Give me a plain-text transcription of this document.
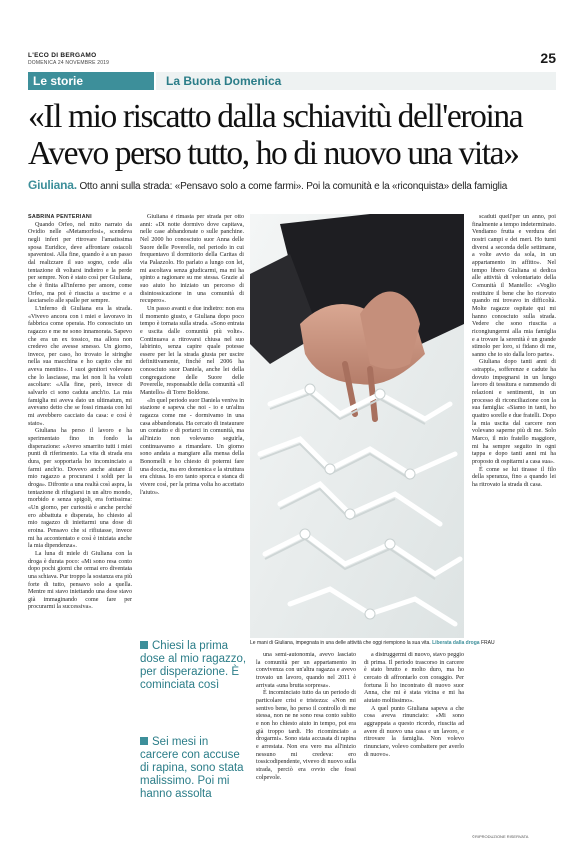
L'ECO DI BERGAMO
DOMENICA 24 NOVEMBRE 2019	25
Le storie	La Buona Domenica
«Il mio riscatto dalla schiavitù dell'eroina
Avevo perso tutto, ho di nuovo una vita»
Giuliana. Otto anni sulla strada: «Pensavo solo a come farmi». Poi la comunità e la «riconquista» della famiglia

SABRINA PENTERIANI

Quando Orfeo, nel mito narrato da Ovidio nelle «Metamorfosi», scendeva negli inferi per ritrovare l'amatissima sposa Euridice, deve affrontare ostacoli spaventosi. Alla fine, quando è a un passo dal realizzare il suo sogno, cede alla tentazione di voltarsi indietro e la perde per sempre. Non è stato così per Giuliana, che è finita all'inferno per amore, come Orfeo, ma poi è riuscita a uscirne e a lasciarselo alle spalle per sempre.

L'inferno di Giuliana era la strada. «Vivevo ancora con i miei e lavoravo in fabbrica come operaia. Ho conosciuto un ragazzo e me ne sono innamorata. Sapevo che era un ex tossico, ma allora non credevo che avesse smesso. Un giorno, invece, per caso, ho trovato le siringhe nella sua macchina e ho capito che mi aveva mentito». I suoi genitori volevano che lo lasciasse, ma lei non li ha voluti ascoltare: «Alla fine, però, invece di salvarlo ci sono caduta anch'io. La mia famiglia mi aveva dato un ultimatum, mi avevano detto che se fossi rimasta con lui mi avrebbero cacciato da casa: e così è stato».

Giuliana ha perso il lavoro e ha sperimentato fino in fondo la disperazione: «Avevo smarrito tutti i miei punti di riferimento. La vita di strada era dura, per sopportarla ho incominciato a farmi anch'io. Dovevo anche aiutare il mio ragazzo a procurarsi i soldi per la droga». Difronte a una realtà così aspra, la tentazione di rifugiarsi in un altro mondo, morbido e senza spigoli, era fortissima: «Un giorno, per curiosità e anche perché ero abbattuta e disperata, ho chiesto al mio ragazzo di iniettarmi una dose di eroina. Pensavo che si rifiutasse, invece mi ha accontentato e così è iniziata anche la mia dipendenza».

La luna di miele di Giuliana con la droga è durata poco: «Mi sono resa conto dopo pochi giorni che ormai ero diventata una schiava. Pur troppo la sostanza era più forte di tutto, pensavo solo a quella. Mentre mi stavo iniettando una dose stavo già immaginando come fare per procurarmi la successiva».

Giuliana è rimasta per strada per otto anni: «Di notte dormivo dove capitava, nelle case abbandonate o sulle panchine. Nel 2000 ho conosciuto suor Anna delle Suore delle Poverelle, nel periodo in cui frequentavo il dormitorio della Caritas di via Palazzolo. Ho parlato a lungo con lei, mi ascoltava senza giudicarmi, ma mi ha spinto a ragionare su me stessa. Grazie al suo aiuto ho iniziato un percorso di disintossicazione in una comunità di recupero».

Un passo avanti e due indietro: non era il momento giusto, e Giuliana dopo poco tempo è tornata sulla strada. «Sono entrata e uscita dalle comunità più volte». Continuava a ritrovarsi chiusa nel suo labirinto, senza capire quale potesse essere per lei la strada giusta per uscire definitivamente, finché nel 2006 ha conosciuto suor Daniela, anche lei della congregazione delle Suore delle Poverelle, responsabile della comunità «Il Mantello» di Torre Boldone.

«In quel periodo suor Daniela veniva in stazione e sapeva che noi - io e un'altra ragazza come me - dormivamo in una casa abbandonata. Ha cercato di instaurare un contatto e di portarci in comunità, ma all'inizio non volevamo seguirla, continuavamo a rimandare. Un giorno sono andata a mangiare alla mensa della Bonomelli e ho chiesto di potermi fare una doccia, ma ero domenica e la struttura era chiusa. Io ero tanto sporca e stanca di vivere così, per la prima volta ho accettato l'aiuto».

Le mani di Giuliana, impegnata in una delle attività che oggi riempiono la sua vita. Liberata dalla droga FRAU
Chiesi la prima dose al mio ragazzo, per disperazione. È cominciata così
Sei mesi in carcere con accuse di rapina, sono stata malissimo. Poi mi hanno assolta

una semi-autonomia, avevo lasciato la comunità per un appartamento in convivenza con un'altra ragazza e avevo trovato un lavoro, quando nel 2011 è arrivata «una brutta sorpresa».

È incominciato tutto da un periodo di particolare crisi e tristezza: «Non mi sentivo bene, ho perso il controllo di me stessa, non ne ne sono resa conto subito e non ho chiesto aiuto in tempo, poi era già troppo tardi. Ho ricominciato a drogarmi». Sono stata accusata di rapina e arrestata. Non era vero ma all'inizio nessuno mi credeva: ero tossicodipendente, vivevo di nuovo sulla strada, perciò era ovvio che fossi colpevole.

a distruggermi di nuovo, stavo peggio di prima. Il periodo trascorso in carcere è stato brutto e molto duro, ma ho cercato di affrontarlo con coraggio. Per fortuna lì ho incontrato di nuovo suor Anna, che mi è stata vicina e mi ha aiutato moltissimo».

A quel punto Giuliana sapeva a che cosa aveva rinunciato: «Mi sono aggrappata a questo ricordo, riuscita ad avere di nuovo una casa e un lavoro, e ritrovare la famiglia. Non volevo rinunciare, volevo combattere per averlo di nuovo».

scaduti quell'per un anno, poi finalmente a tempo indeterminato. Vendiamo frutta e verdura dei nostri campi e dei meri. Ho turni diversi a seconda delle settimane, a volte avvio da sola, in un appartamento in affitto». Nel tempo libero Giuliana si dedica alle attività di volontariato della Comunità il Mantello: «Voglio restituire il bene che ho ricevuto quando mi trovavo in difficoltà. Molte ragazze ospitate qui mi hanno conosciuto sulla strada. Vedere che sono riuscita a ricongiungermi alla mia famiglia e a trovare la serenità è un grande stimolo per loro, si fidano di me, sanno che io sto dalla loro parte».

Giuliana dopo tanti anni di «strappi», sofferenze e cadute ha dovuto impegnarsi in un lungo lavoro di tessitura e rammendo di relazioni e sentimenti, in un processo di riconciliazione con la sua famiglia: «Siamo in tanti, ho quattro sorelle e due fratelli. Dopo la mia uscita dal carcere non volevano saperne più di me. Solo Marco, il mio fratello maggiore, mi ha sempre seguito in ogni tappa e dopo tanti anni mi ha proposto di ospitarmi a casa sua».

È come se lui tirasse il filo della speranza, fino a quando lei ha ritrovato la strada di casa.

©RIPRODUZIONE RISERVATA
